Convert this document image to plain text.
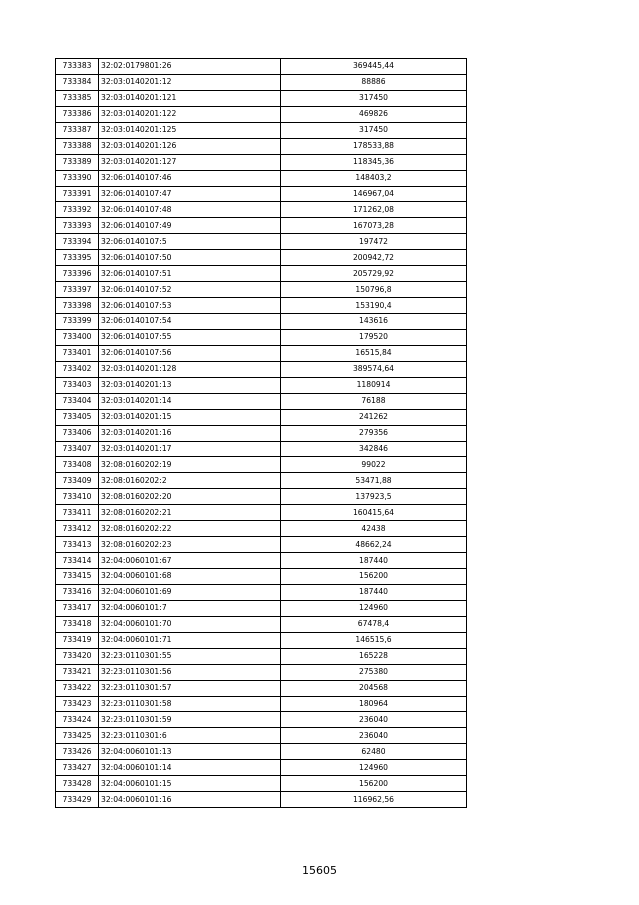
733383	32:02:0179801:26	369445,44
733384	32:03:0140201:12	88886
733385	32:03:0140201:121	317450
733386	32:03:0140201:122	469826
733387	32:03:0140201:125	317450
733388	32:03:0140201:126	178533,88
733389	32:03:0140201:127	118345,36
733390	32:06:0140107:46	148403,2
733391	32:06:0140107:47	146967,04
733392	32:06:0140107:48	171262,08
733393	32:06:0140107:49	167073,28
733394	32:06:0140107:5	197472
733395	32:06:0140107:50	200942,72
733396	32:06:0140107:51	205729,92
733397	32:06:0140107:52	150796,8
733398	32:06:0140107:53	153190,4
733399	32:06:0140107:54	143616
733400	32:06:0140107:55	179520
733401	32:06:0140107:56	16515,84
733402	32:03:0140201:128	389574,64
733403	32:03:0140201:13	1180914
733404	32:03:0140201:14	76188
733405	32:03:0140201:15	241262
733406	32:03:0140201:16	279356
733407	32:03:0140201:17	342846
733408	32:08:0160202:19	99022
733409	32:08:0160202:2	53471,88
733410	32:08:0160202:20	137923,5
733411	32:08:0160202:21	160415,64
733412	32:08:0160202:22	42438
733413	32:08:0160202:23	48662,24
733414	32:04:0060101:67	187440
733415	32:04:0060101:68	156200
733416	32:04:0060101:69	187440
733417	32:04:0060101:7	124960
733418	32:04:0060101:70	67478,4
733419	32:04:0060101:71	146515,6
733420	32:23:0110301:55	165228
733421	32:23:0110301:56	275380
733422	32:23:0110301:57	204568
733423	32:23:0110301:58	180964
733424	32:23:0110301:59	236040
733425	32:23:0110301:6	236040
733426	32:04:0060101:13	62480
733427	32:04:0060101:14	124960
733428	32:04:0060101:15	156200
733429	32:04:0060101:16	116962,56
15605
